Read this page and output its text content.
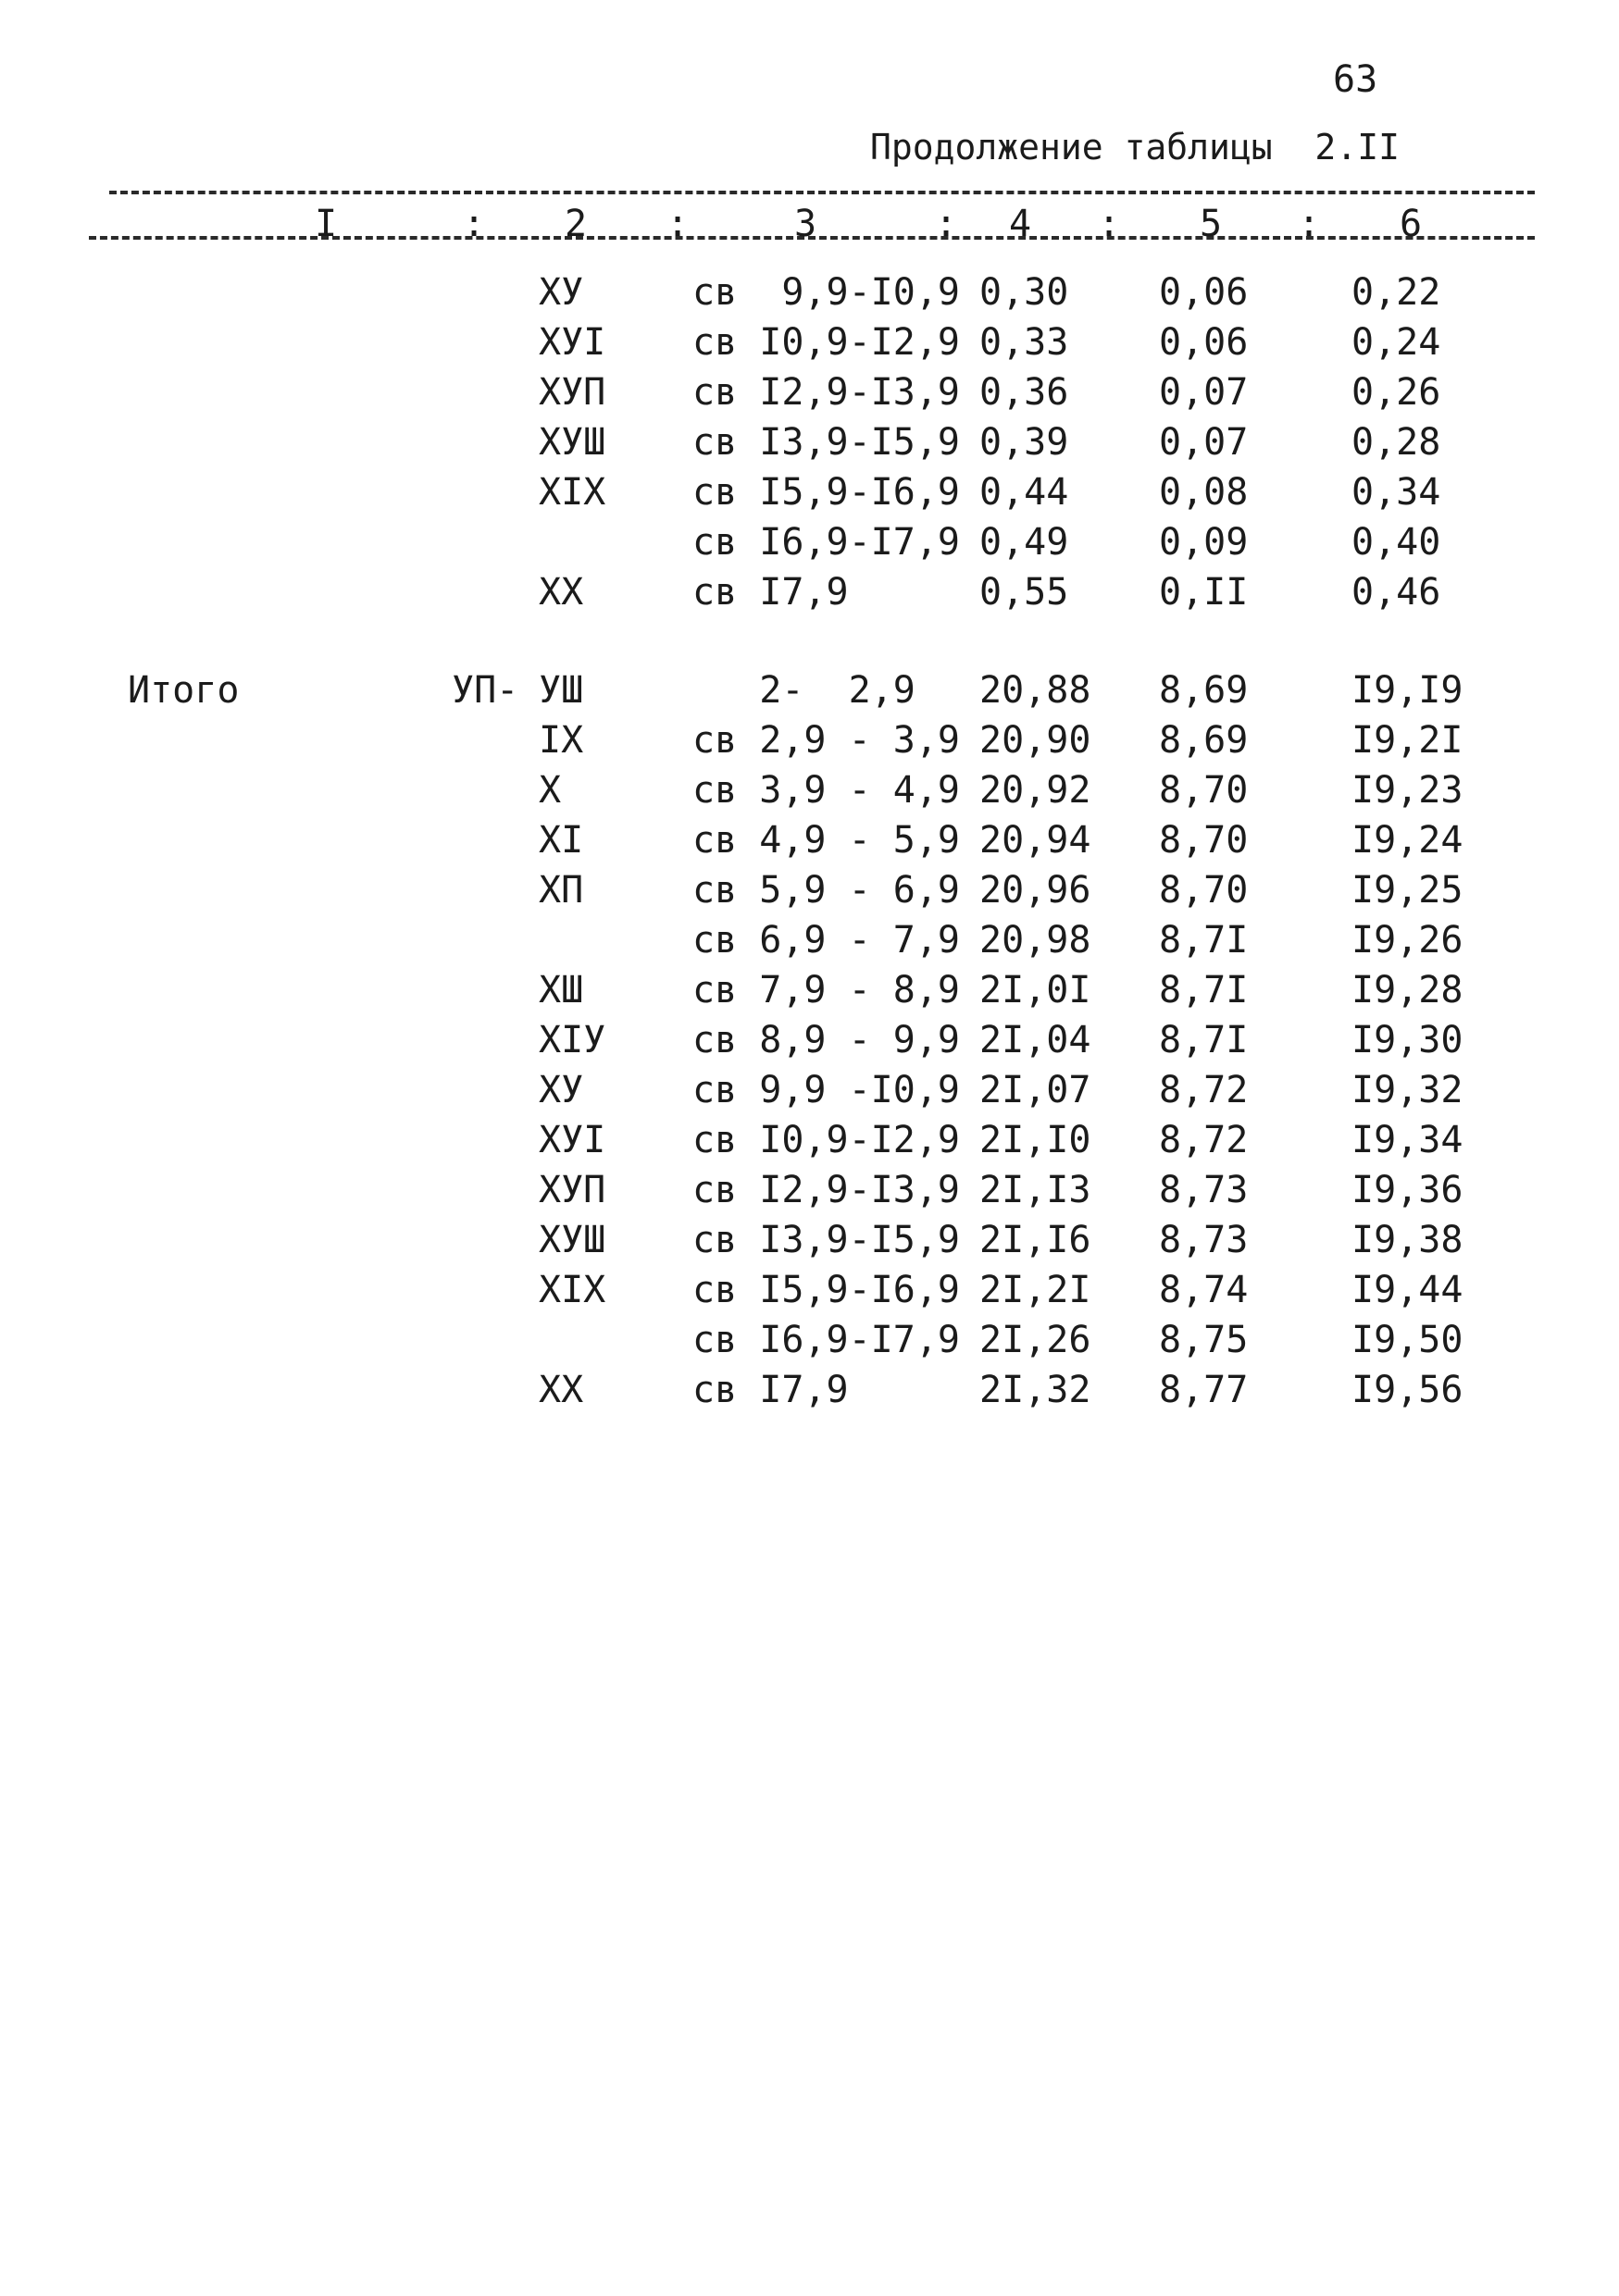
63
Продолжение таблицы  2.II
I	: 2 :	3	: 4 : 5 : 6
ХУ	св  9,9-I0,9 0,30 0,06	0,22
ХУI св I0,9-I2,9 0,33 0,06	0,24
ХУП св I2,9-I3,9 0,36 0,07	0,26
ХУШ св I3,9-I5,9 0,39 0,07	0,28
XIX св I5,9-I6,9 0,44 0,08	0,34
св I6,9-I7,9 0,49 0,09	0,40
XX	св I7,9	0,55 0,II	0,46
Итого	УП- УШ	2-  2,9 20,88 8,69	I9,I9
IX	св 2,9 - 3,9 20,90 8,69	I9,2I
X	св 3,9 - 4,9 20,92 8,70	I9,23
XI	св 4,9 - 5,9 20,94 8,70	I9,24
XП	св 5,9 - 6,9 20,96 8,70	I9,25
св 6,9 - 7,9 20,98 8,7I	I9,26
XШ	св 7,9 - 8,9 2I,0I 8,7I	I9,28
XIУ св 8,9 - 9,9 2I,04 8,7I	I9,30
ХУ	св 9,9 -I0,9 2I,07 8,72	I9,32
ХУI св I0,9-I2,9 2I,I0 8,72	I9,34
ХУП св I2,9-I3,9 2I,I3 8,73	I9,36
ХУШ св I3,9-I5,9 2I,I6 8,73	I9,38
XIX св I5,9-I6,9 2I,2I 8,74	I9,44
св I6,9-I7,9 2I,26 8,75	I9,50
XX	св I7,9	2I,32 8,77	I9,56
